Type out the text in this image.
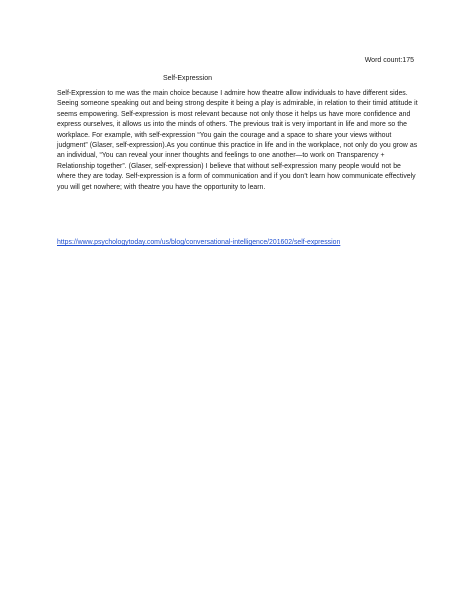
Word count:175
Self-Expression

Self-Expression to me was the main choice because I admire how theatre allow individuals to have different sides. Seeing someone speaking out and being strong despite it being a play is admirable, in relation to their timid attitude it seems empowering. Self-expression is most relevant because not only those it helps us have more confidence and express ourselves, it allows us into the minds of others. The previous trait is very important in life and more so the workplace. For example, with self-expression “You gain the courage and a space to share your views without judgment” (Glaser, self-expression).As you continue this practice in life and in the workplace, not only do you grow as an individual, “You can reveal your inner thoughts and feelings to one another—to work on Transparency + Relationship together”. (Glaser, self-expression) I believe that without self-expression many people would not be where they are today. Self-expression is a form of communication and if you don’t learn how communicate effectively you will get nowhere; with theatre you have the opportunity to learn.

https://www.psychologytoday.com/us/blog/conversational-intelligence/201602/self-expression
